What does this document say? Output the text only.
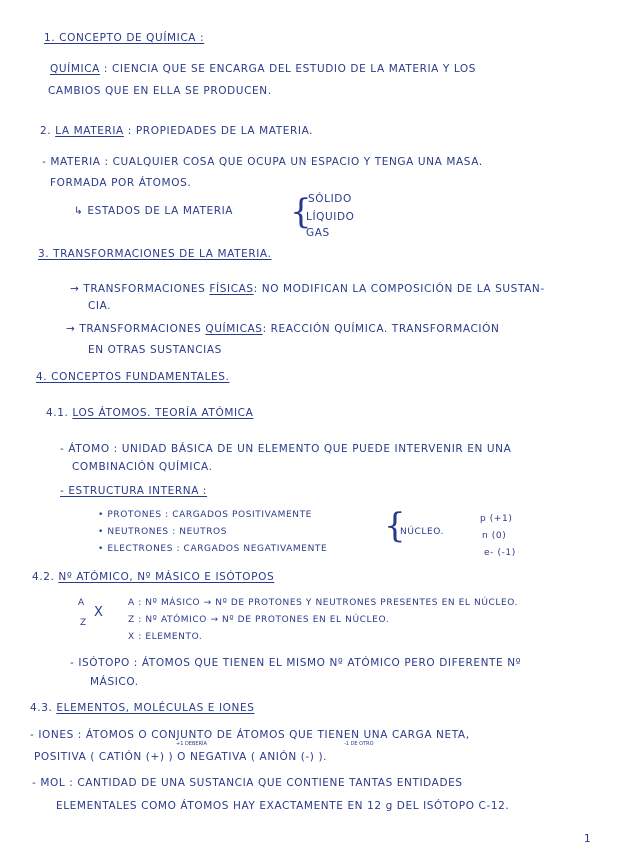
1. CONCEPTO DE QUÍMICA :
QUÍMICA : CIENCIA QUE SE ENCARGA DEL ESTUDIO DE LA MATERIA Y LOS
CAMBIOS QUE EN ELLA SE PRODUCEN.
2. LA MATERIA : PROPIEDADES DE LA MATERIA.
- MATERIA : CUALQUIER COSA QUE OCUPA UN ESPACIO Y TENGA UNA MASA.
FORMADA POR ÁTOMOS.
↳ ESTADOS DE LA MATERIA {
SÓLIDO
LÍQUIDO
GAS
3. TRANSFORMACIONES DE LA MATERIA.
→ TRANSFORMACIONES FÍSICAS: NO MODIFICAN LA COMPOSICIÓN DE LA SUSTAN-
CIA.
→ TRANSFORMACIONES QUÍMICAS: REACCIÓN QUÍMICA. TRANSFORMACIÓN
EN OTRAS SUSTANCIAS
4. CONCEPTOS FUNDAMENTALES.
4.1. LOS ÁTOMOS. TEORÍA ATÓMICA
- ÁTOMO : UNIDAD BÁSICA DE UN ELEMENTO QUE PUEDE INTERVENIR EN UNA
COMBINACIÓN QUÍMICA.
- ESTRUCTURA INTERNA :
• PROTONES : CARGADOS POSITIVAMENTE
• NEUTRONES : NEUTROS
• ELECTRONES : CARGADOS NEGATIVAMENTE
{
NÚCLEO.
p (+1)
n (0)
e- (-1)
4.2. Nº ATÓMICO, Nº MÁSICO E ISÓTOPOS
A
X
Z
A : Nº MÁSICO → Nº DE PROTONES Y NEUTRONES PRESENTES EN EL NÚCLEO.
Z : Nº ATÓMICO → Nº DE PROTONES EN EL NÚCLEO.
X : ELEMENTO.
- ISÓTOPO : ÁTOMOS QUE TIENEN EL MISMO Nº ATÓMICO PERO DIFERENTE Nº
MÁSICO.
4.3. ELEMENTOS, MOLÉCULAS E IONES
- IONES : ÁTOMOS O CONJUNTO DE ÁTOMOS QUE TIENEN UNA CARGA NETA,
+1 DEBERÍA	-1 DE OTRO
POSITIVA ( CATIÓN (+) ) O NEGATIVA ( ANIÓN (-) ).
- MOL : CANTIDAD DE UNA SUSTANCIA QUE CONTIENE TANTAS ENTIDADES
ELEMENTALES COMO ÁTOMOS HAY EXACTAMENTE EN 12 g DEL ISÓTOPO C-12.
1
